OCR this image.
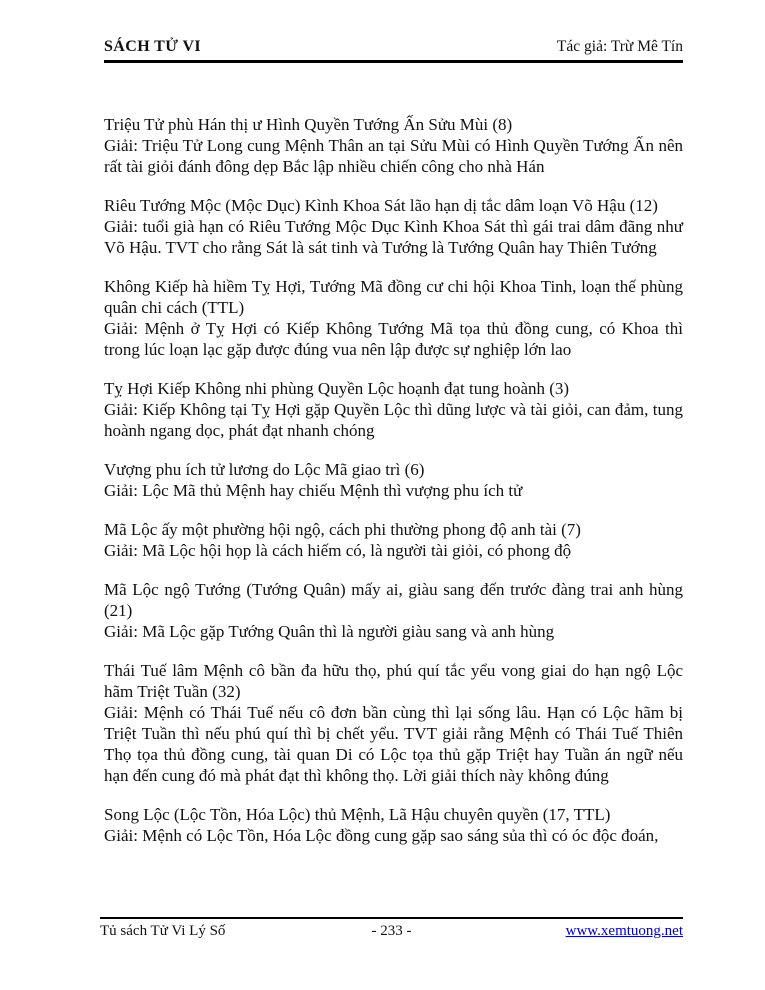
SÁCH TỬ VI	Tác giả: Trừ Mê Tín
Triệu Tử phù Hán thị ư Hình Quyền Tướng Ấn Sửu Mùi (8)
Giải: Triệu Tử Long cung Mệnh Thân an tại Sửu Mùi có Hình Quyền Tướng Ấn nên rất tài giỏi đánh đông dẹp Bắc lập nhiều chiến công cho nhà Hán
Riêu Tướng Mộc (Mộc Dục) Kình Khoa Sát lão hạn dị tắc dâm loạn Võ Hậu (12)
Giải: tuổi già hạn có Riêu Tướng Mộc Dục Kình Khoa Sát thì gái trai dâm đãng như Võ Hậu. TVT cho rằng Sát là sát tinh và Tướng là Tướng Quân hay Thiên Tướng
Không Kiếp hà hiềm Tỵ Hợi, Tướng Mã đồng cư chi hội Khoa Tinh, loạn thế phùng quân chi cách (TTL)
Giải: Mệnh ở Tỵ Hợi có Kiếp Không Tướng Mã tọa thủ đồng cung, có Khoa thì trong lúc loạn lạc gặp được đúng vua nên lập được sự nghiệp lớn lao
Tỵ Hợi Kiếp Không nhi phùng Quyền Lộc hoạnh đạt tung hoành (3)
Giải: Kiếp Không tại Tỵ Hợi gặp Quyền Lộc thì dũng lược và tài giỏi, can đảm, tung hoành ngang dọc, phát đạt nhanh chóng
Vượng phu ích tử lương do Lộc Mã giao trì (6)
Giải: Lộc Mã thủ Mệnh hay chiếu Mệnh thì vượng phu ích tử
Mã Lộc ấy một phường hội ngộ, cách phi thường phong độ anh tài (7)
Giải: Mã Lộc hội họp là cách hiếm có, là người tài giỏi, có phong độ
Mã Lộc ngộ Tướng (Tướng Quân) mấy ai, giàu sang đến trước đàng trai anh hùng (21)
Giải: Mã Lộc gặp Tướng Quân thì là người giàu sang và anh hùng
Thái Tuế lâm Mệnh cô bần đa hữu thọ, phú quí tắc yểu vong giai do hạn ngộ Lộc hãm Triệt Tuần (32)
Giải: Mệnh có Thái Tuế nếu cô đơn bần cùng thì lại sống lâu. Hạn có Lộc hãm bị Triệt Tuần thì nếu phú quí thì bị chết yểu. TVT giải rằng Mệnh có Thái Tuế Thiên Thọ tọa thủ đồng cung, tài quan Di có Lộc tọa thủ gặp Triệt hay Tuần án ngữ nếu hạn đến cung đó mà phát đạt thì không thọ. Lời giải thích này không đúng
Song Lộc (Lộc Tồn, Hóa Lộc) thủ Mệnh, Lã Hậu chuyên quyền (17, TTL)
Giải: Mệnh có Lộc Tồn, Hóa Lộc đồng cung gặp sao sáng sủa thì có óc độc đoán,
Tủ sách Tử Vi Lý Số	- 233 -	www.xemtuong.net
